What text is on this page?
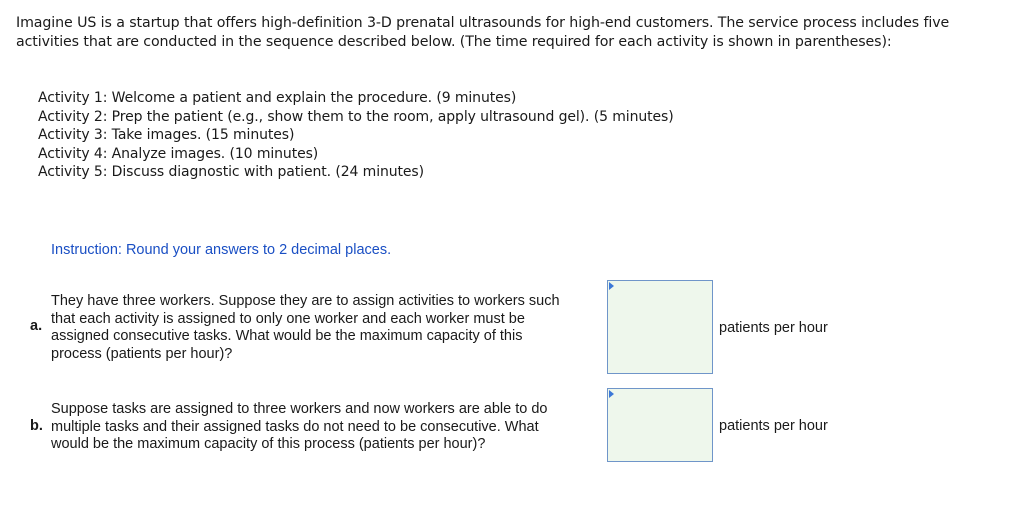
Imagine US is a startup that offers high-definition 3-D prenatal ultrasounds for high-end customers. The service process includes five
activities that are conducted in the sequence described below. (The time required for each activity is shown in parentheses):
Activity 1: Welcome a patient and explain the procedure. (9 minutes)
Activity 2: Prep the patient (e.g., show them to the room, apply ultrasound gel). (5 minutes)
Activity 3: Take images. (15 minutes)
Activity 4: Analyze images. (10 minutes)
Activity 5: Discuss diagnostic with patient. (24 minutes)
Instruction: Round your answers to 2 decimal places.
a.
They have three workers. Suppose they are to assign activities to workers such
that each activity is assigned to only one worker and each worker must be
assigned consecutive tasks. What would be the maximum capacity of this
process (patients per hour)?
patients per hour
b.
Suppose tasks are assigned to three workers and now workers are able to do
multiple tasks and their assigned tasks do not need to be consecutive. What
would be the maximum capacity of this process (patients per hour)?
patients per hour
